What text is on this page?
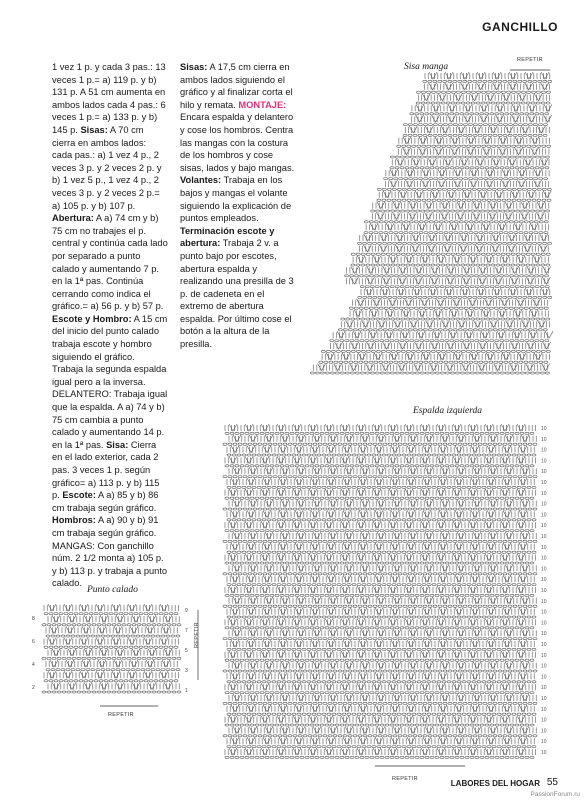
GANCHILLO

1 vez 1 p. y cada 3 pas.: 13 veces 1 p.= a) 119 p. y b) 131 p. A 51 cm aumenta en ambos lados cada 4 pas.: 6 veces 1 p.= a) 133 p. y b) 145 p. Sisas: A 70 cm cierra en ambos lados: cada pas.: a) 1 vez 4 p., 2 veces 3 p. y 2 veces 2 p. y b) 1 vez 5 p., 1 vez 4 p., 2 veces 3 p. y 2 veces 2 p.= a) 105 p. y b) 107 p. Abertura: A a) 74 cm y b) 75 cm no trabajes el p. central y continúa cada lado por separado a punto calado y aumentando 7 p. en la 1ª pas. Continúa cerrando como indica el gráfico.= a) 56 p. y b) 57 p. Escote y Hombro: A 15 cm del inicio del punto calado trabaja escote y hombro siguiendo el gráfico. Trabaja la segunda espalda igual pero a la inversa. DELANTERO: Trabaja igual que la espalda. A a) 74 y b) 75 cm cambia a punto calado y aumentando 14 p. en la 1ª pas. Sisa: Cierra en el lado exterior, cada 2 pas. 3 veces 1 p. según gráfico= a) 113 p. y b) 115 p. Escote: A a) 85 y b) 86 cm trabaja según gráfico. Hombros: A a) 90 y b) 91 cm trabaja según gráfico. MANGAS: Con ganchillo núm. 2 1/2 monta a) 105 p. y b) 113 p. y trabaja a punto calado.

Sisas: A 17,5 cm cierra en ambos lados siguiendo el gráfico y al finalizar corta el hilo y remata. MONTAJE: Encara espalda y delantero y cose los hombros. Centra las mangas con la costura de los hombros y cose sisas, lados y bajo mangas. Volantes: Trabaja en los bajos y mangas el volante siguiendo la explicación de puntos empleados. Terminación escote y abertura: Trabaja 2 v. a punto bajo por escotes, abertura espalda y realizando una presilla de 3 p. de cadeneta en el extremo de abertura espalda. Por último cose el botón a la altura de la presilla.

Sisa manga
REPETIR
Espalda izquierda
REPETIR
10
10
10
10
10
10
10
10
10
10
10
10
10
10
10
10
10
10
10
10
10
10
10
10
10
10
10
10
10
10
10
Punto calado
REPETIR
REPETIR
8
6
4
2
9
7
5
3
1
LABORES DEL HOGAR 55
PassionForum.ru
